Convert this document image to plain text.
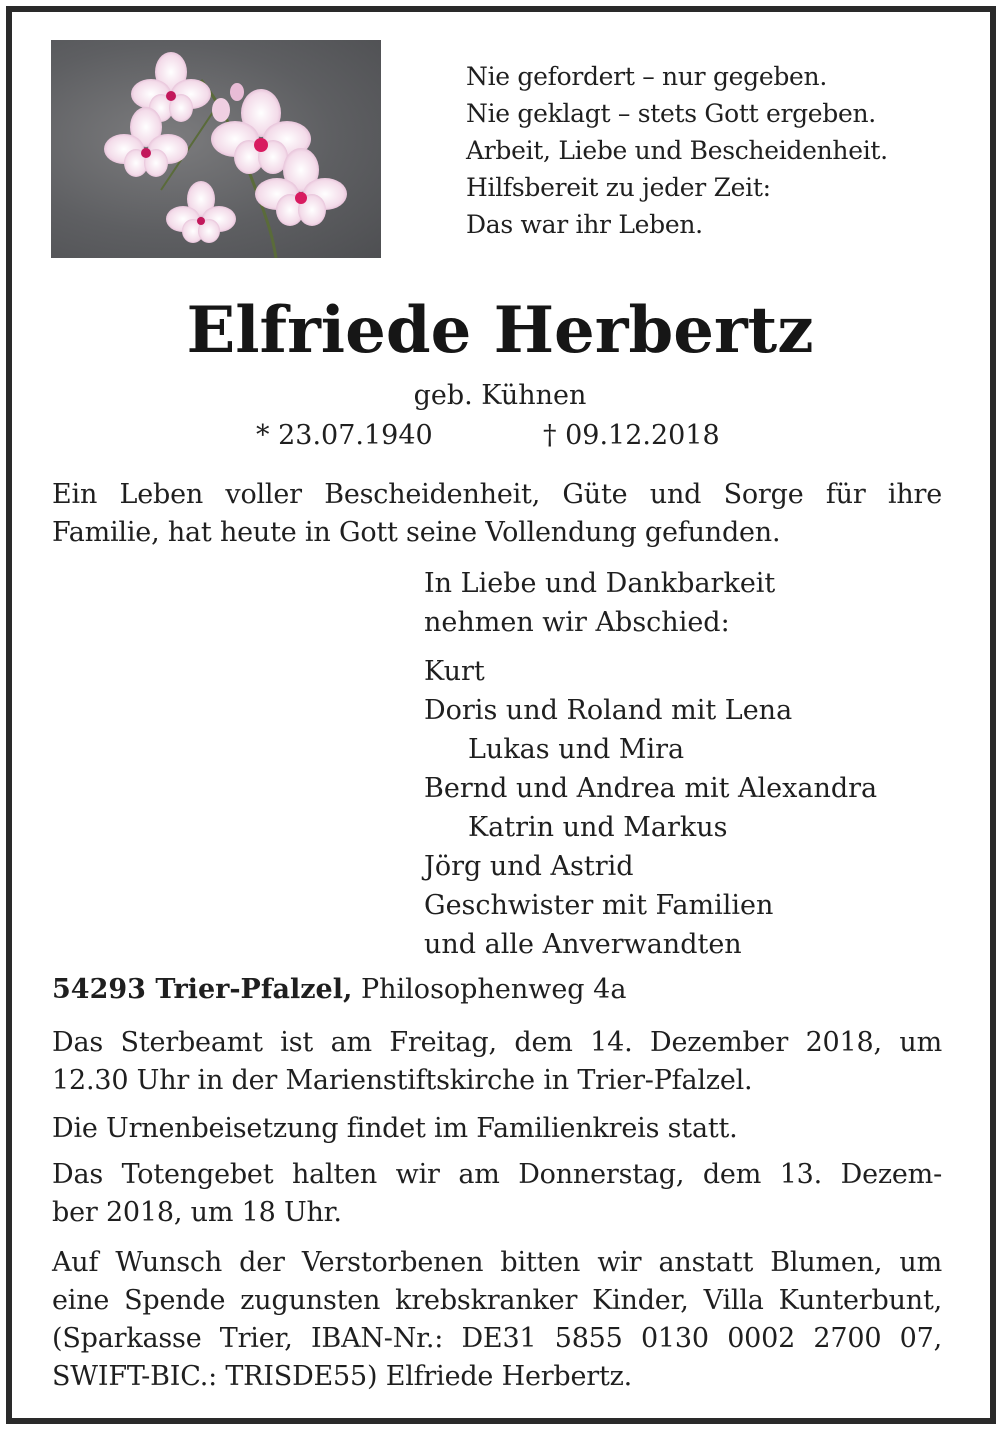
Nie gefordert – nur gegeben.
Nie geklagt – stets Gott ergeben.
Arbeit, Liebe und Bescheidenheit.
Hilfsbereit zu jeder Zeit:
Das war ihr Leben.
Elfriede Herbertz
geb. Kühnen
* 23.07.1940	† 09.12.2018
Ein Leben voller Bescheidenheit, Güte und Sorge für ihre
Familie, hat heute in Gott seine Vollendung gefunden.
In Liebe und Dankbarkeit
nehmen wir Abschied:
Kurt
Doris und Roland mit Lena
Lukas und Mira
Bernd und Andrea mit Alexandra
Katrin und Markus
Jörg und Astrid
Geschwister mit Familien
und alle Anverwandten
54293 Trier-Pfalzel, Philosophenweg 4a
Das Sterbeamt ist am Freitag, dem 14. Dezember 2018, um
12.30 Uhr in der Marienstiftskirche in Trier-Pfalzel.
Die Urnenbeisetzung findet im Familienkreis statt.
Das Totengebet halten wir am Donnerstag, dem 13. Dezem-
ber 2018, um 18 Uhr.
Auf Wunsch der Verstorbenen bitten wir anstatt Blumen, um
eine Spende zugunsten krebskranker Kinder, Villa Kunterbunt,
(Sparkasse Trier, IBAN-Nr.: DE31 5855 0130 0002 2700 07,
SWIFT-BIC.: TRISDE55) Elfriede Herbertz.
